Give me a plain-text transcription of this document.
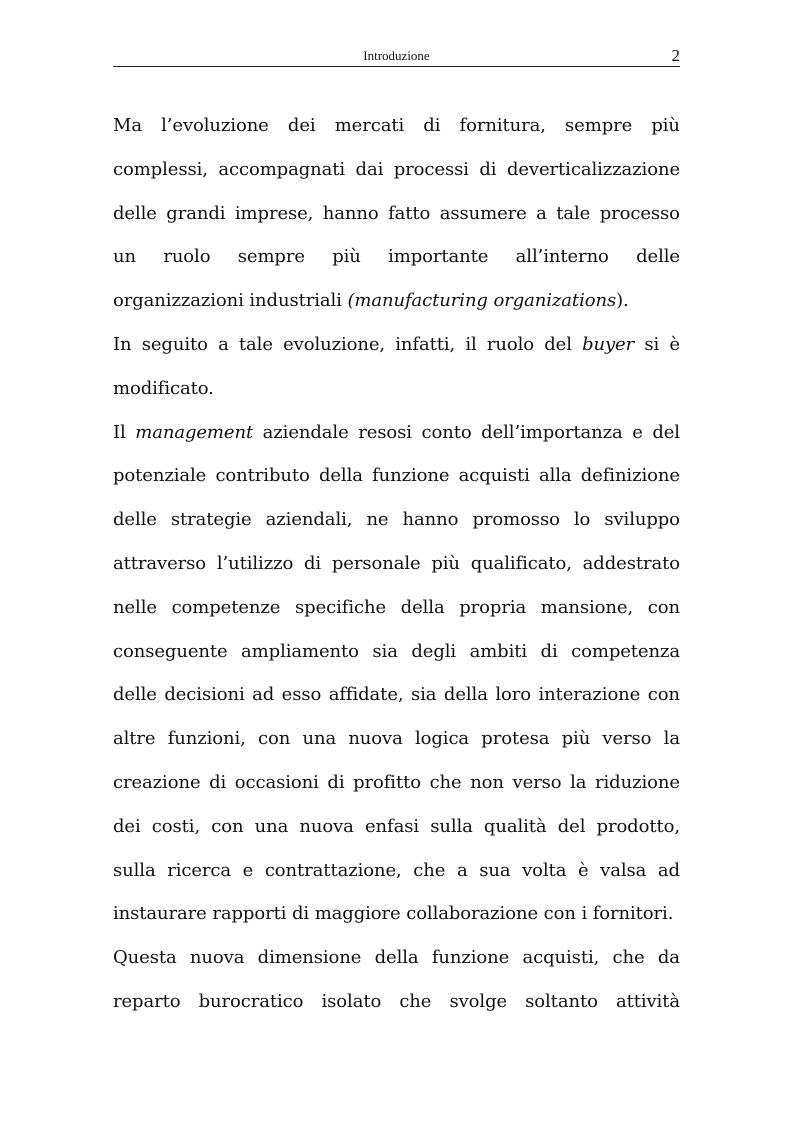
Introduzione	2
Ma l’evoluzione dei mercati di fornitura, sempre più
complessi, accompagnati dai processi di deverticalizzazione
delle grandi imprese, hanno fatto assumere a tale processo
un ruolo sempre più importante all’interno delle
organizzazioni industriali (manufacturing organizations).
In seguito a tale evoluzione, infatti, il ruolo del buyer si è
modificato.
Il management aziendale resosi conto dell’importanza e del
potenziale contributo della funzione acquisti alla definizione
delle strategie aziendali, ne hanno promosso lo sviluppo
attraverso l’utilizzo di personale più qualificato, addestrato
nelle competenze specifiche della propria mansione, con
conseguente ampliamento sia degli ambiti di competenza
delle decisioni ad esso affidate, sia della loro interazione con
altre funzioni, con una nuova logica protesa più verso la
creazione di occasioni di profitto che non verso la riduzione
dei costi, con una nuova enfasi sulla qualità del prodotto,
sulla ricerca e contrattazione, che a sua volta è valsa ad
instaurare rapporti di maggiore collaborazione con i fornitori.
Questa nuova dimensione della funzione acquisti, che da
reparto burocratico isolato che svolge soltanto attività
